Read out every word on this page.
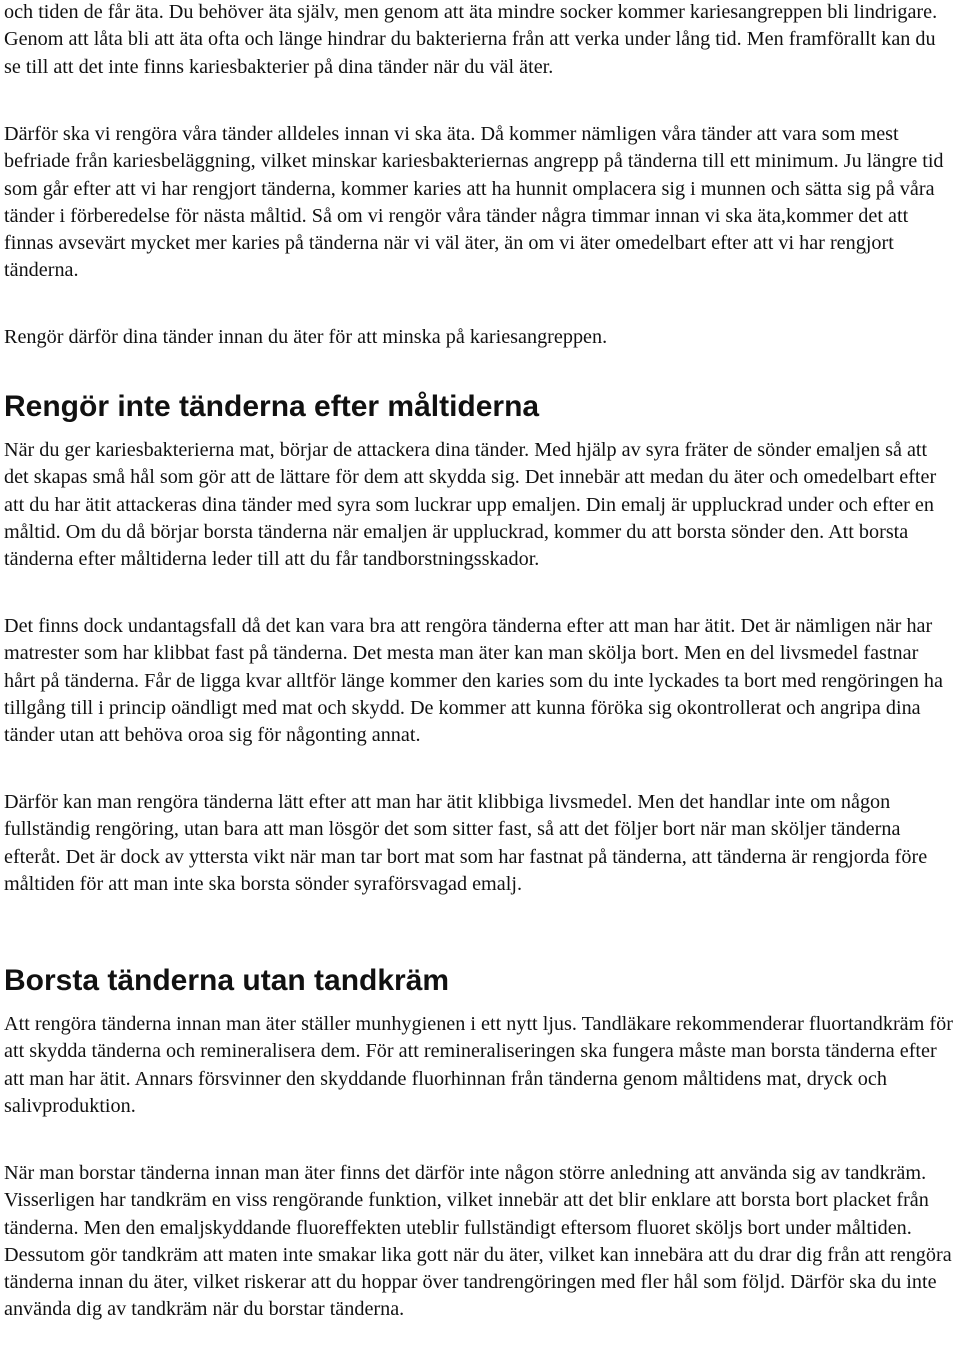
och tiden de får äta. Du behöver äta själv, men genom att äta mindre socker kommer kariesangreppen bli lindrigare. Genom att låta bli att äta ofta och länge hindrar du bakterierna från att verka under lång tid. Men framförallt kan du se till att det inte finns kariesbakterier på dina tänder när du väl äter.

Därför ska vi rengöra våra tänder alldeles innan vi ska äta. Då kommer nämligen våra tänder att vara som mest befriade från kariesbeläggning, vilket minskar kariesbakteriernas angrepp på tänderna till ett minimum. Ju längre tid som går efter att vi har rengjort tänderna, kommer karies att ha hunnit omplacera sig i munnen och sätta sig på våra tänder i förberedelse för nästa måltid. Så om vi rengör våra tänder några timmar innan vi ska äta,kommer det att finnas avsevärt mycket mer karies på tänderna när vi väl äter, än om vi äter omedelbart efter att vi har rengjort tänderna.

Rengör därför dina tänder innan du äter för att minska på kariesangreppen.

Rengör inte tänderna efter måltiderna

När du ger kariesbakterierna mat, börjar de attackera dina tänder. Med hjälp av syra fräter de sönder emaljen så att det skapas små hål som gör att de lättare för dem att skydda sig. Det innebär att medan du äter och omedelbart efter att du har ätit attackeras dina tänder med syra som luckrar upp emaljen. Din emalj är uppluckrad under och efter en måltid. Om du då börjar borsta tänderna när emaljen är uppluckrad, kommer du att borsta sönder den. Att borsta tänderna efter måltiderna leder till att du får tandborstningsskador.

Det finns dock undantagsfall då det kan vara bra att rengöra tänderna efter att man har ätit. Det är nämligen när har matrester som har klibbat fast på tänderna. Det mesta man äter kan man skölja bort. Men en del livsmedel fastnar hårt på tänderna. Får de ligga kvar alltför länge kommer den karies som du inte lyckades ta bort med rengöringen ha tillgång till i princip oändligt med mat och skydd. De kommer att kunna föröka sig okontrollerat och angripa dina tänder utan att behöva oroa sig för någonting annat.

Därför kan man rengöra tänderna lätt efter att man har ätit klibbiga livsmedel. Men det handlar inte om någon fullständig rengöring, utan bara att man lösgör det som sitter fast, så att det följer bort när man sköljer tänderna efteråt. Det är dock av yttersta vikt när man tar bort mat som har fastnat på tänderna, att tänderna är rengjorda före måltiden för att man inte ska borsta sönder syraförsvagad emalj.

Borsta tänderna utan tandkräm

Att rengöra tänderna innan man äter ställer munhygienen i ett nytt ljus. Tandläkare rekommenderar fluortandkräm för att skydda tänderna och remineralisera dem. För att remineraliseringen ska fungera måste man borsta tänderna efter att man har ätit. Annars försvinner den skyddande fluorhinnan från tänderna genom måltidens mat, dryck och salivproduktion.

När man borstar tänderna innan man äter finns det därför inte någon större anledning att använda sig av tandkräm. Visserligen har tandkräm en viss rengörande funktion, vilket innebär att det blir enklare att borsta bort placket från tänderna. Men den emaljskyddande fluoreffekten uteblir fullständigt eftersom fluoret sköljs bort under måltiden. Dessutom gör tandkräm att maten inte smakar lika gott när du äter, vilket kan innebära att du drar dig från att rengöra tänderna innan du äter, vilket riskerar att du hoppar över tandrengöringen med fler hål som följd. Därför ska du inte använda dig av tandkräm när du borstar tänderna.
